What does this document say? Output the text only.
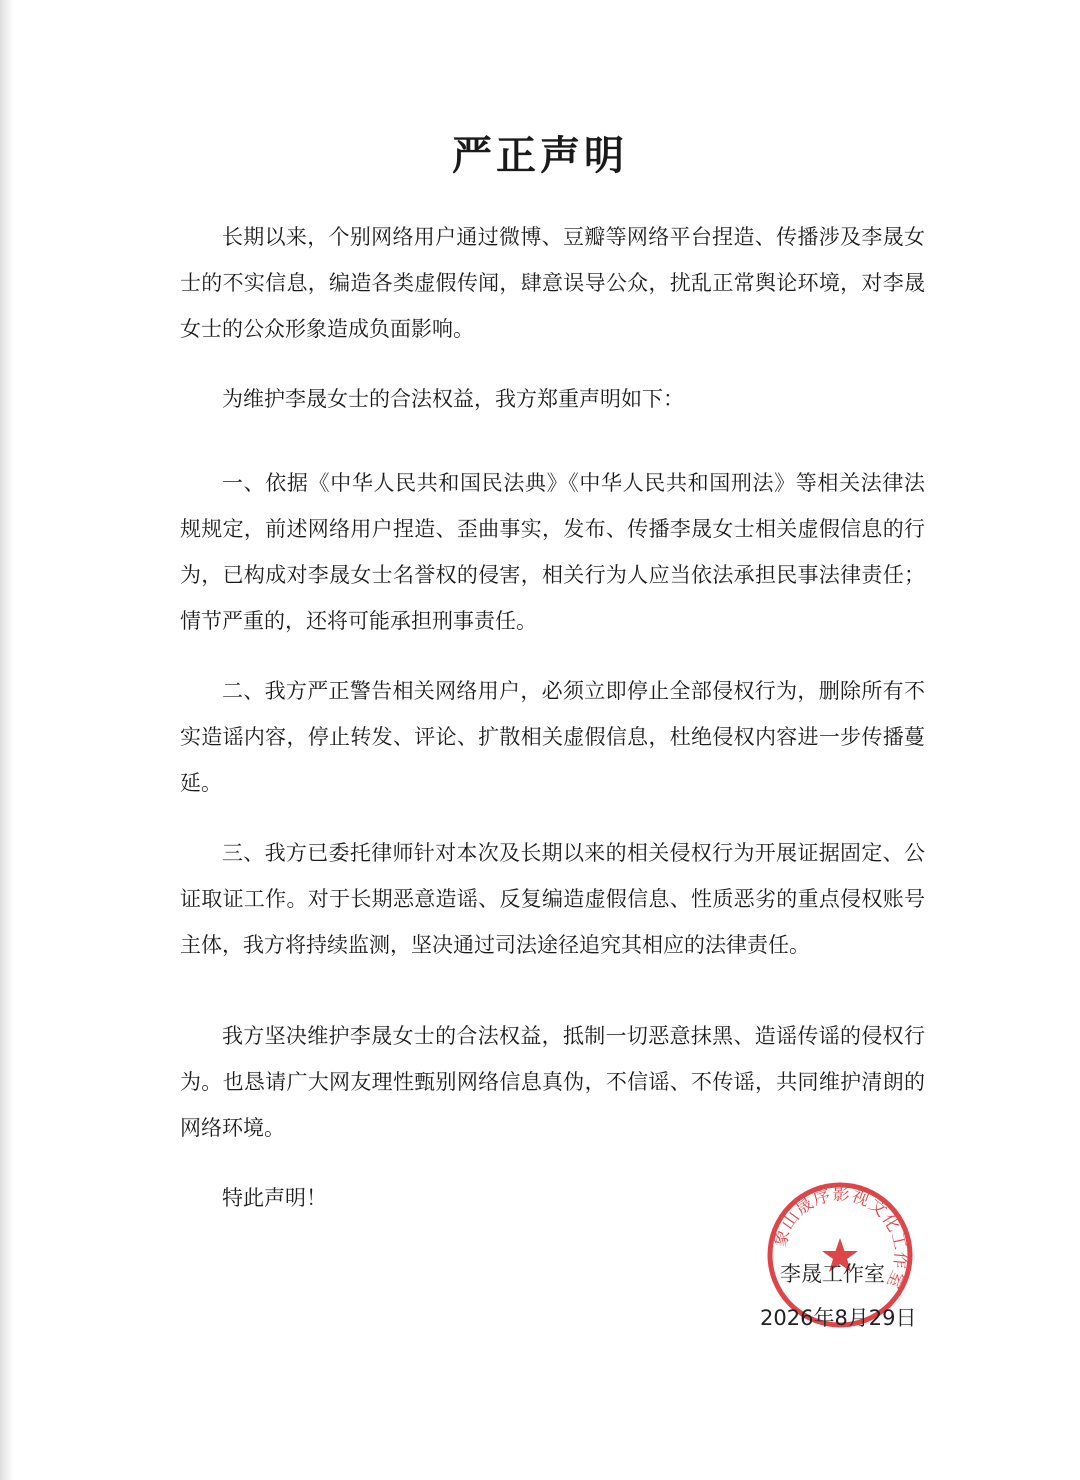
严正声明

长期以来，个别网络用户通过微博、豆瓣等网络平台捏造、传播涉及李晟女士的不实信息，编造各类虚假传闻，肆意误导公众，扰乱正常舆论环境，对李晟女士的公众形象造成负面影响。

为维护李晟女士的合法权益，我方郑重声明如下：

一、依据《中华人民共和国民法典》《中华人民共和国刑法》等相关法律法规规定，前述网络用户捏造、歪曲事实，发布、传播李晟女士相关虚假信息的行为，已构成对李晟女士名誉权的侵害，相关行为人应当依法承担民事法律责任；情节严重的，还将可能承担刑事责任。

二、我方严正警告相关网络用户，必须立即停止全部侵权行为，删除所有不实造谣内容，停止转发、评论、扩散相关虚假信息，杜绝侵权内容进一步传播蔓延。

三、我方已委托律师针对本次及长期以来的相关侵权行为开展证据固定、公证取证工作。对于长期恶意造谣、反复编造虚假信息、性质恶劣的重点侵权账号主体，我方将持续监测，坚决通过司法途径追究其相应的法律责任。

我方坚决维护李晟女士的合法权益，抵制一切恶意抹黑、造谣传谣的侵权行为。也恳请广大网友理性甄别网络信息真伪，不信谣、不传谣，共同维护清朗的网络环境。

特此声明！
象山晟序影视文化工作室
李晟工作室
2026年8月29日
